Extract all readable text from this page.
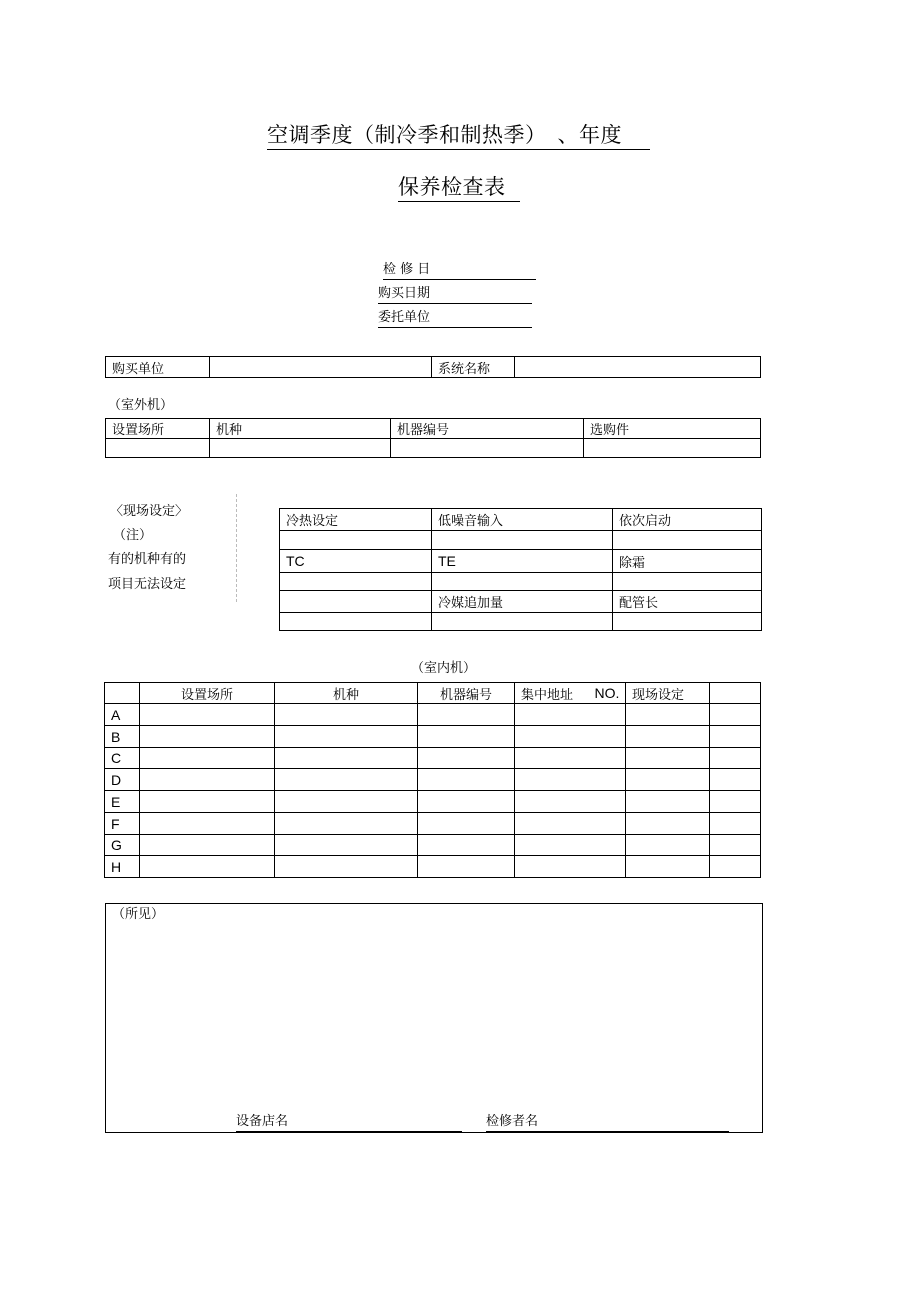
空调季度（制冷季和制热季）　、年度
保养检查表
检 修 日
购买日期
委托单位
购买单位		系统名称	
（室外机）
设置场所	机种	机器编号	选购件

〈现场设定〉
（注）
有的机种有的
项目无法设定
冷热设定	低噪音输入	依次启动

TC	TE	除霜

	冷媒追加量	配管长

（室内机）
	设置场所	机种	机器编号	集中地址	NO.	现场设定	
A							
B							
C							
D							
E							
F							
G							
H							
（所见）
设备店名	检修者名
